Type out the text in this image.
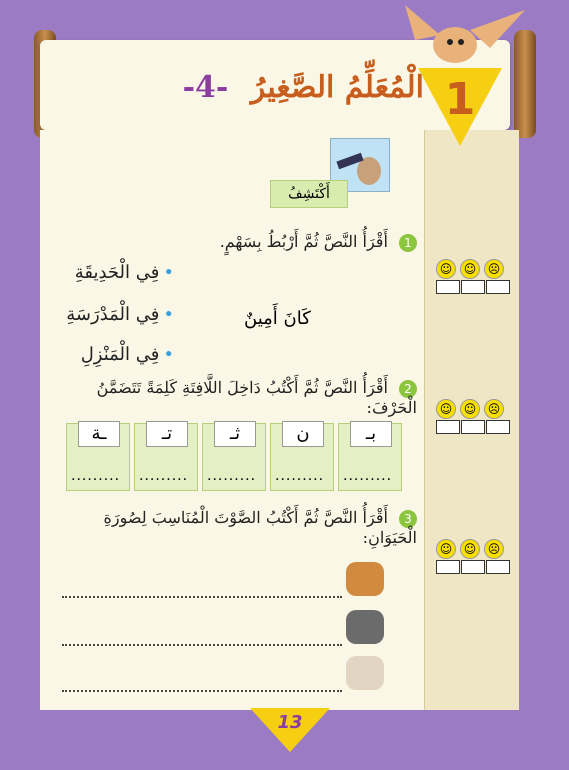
الْمُعَلِّمُ الصَّغِيرُ -4-	1
أَكْتَشِفُ
1 أَقْرَأُ النَّصَّ ثُمَّ أَرْبُطُ بِسَهْمٍ.
•فِي الْحَدِيقَةِ
•فِي الْمَدْرَسَةِ
•فِي الْمَنْزِلِ
كَانَ أَمِينٌ
☺ ☺ ☹
2 أَقْرَأُ النَّصَّ ثُمَّ أَكْتُبُ دَاخِلَ اللَّافِتَةِ كَلِمَةً تَتَضَمَّنُ الْحَرْفَ:
ـة
.........
تـ
.........
ثـ
.........
ن
.........
بـ
.........
☺ ☺ ☹
3 أَقْرَأُ النَّصَّ ثُمَّ أَكْتُبُ الصَّوْتَ الْمُنَاسِبَ لِصُورَةِ الْحَيَوَانِ:
☺ ☺ ☹
13
